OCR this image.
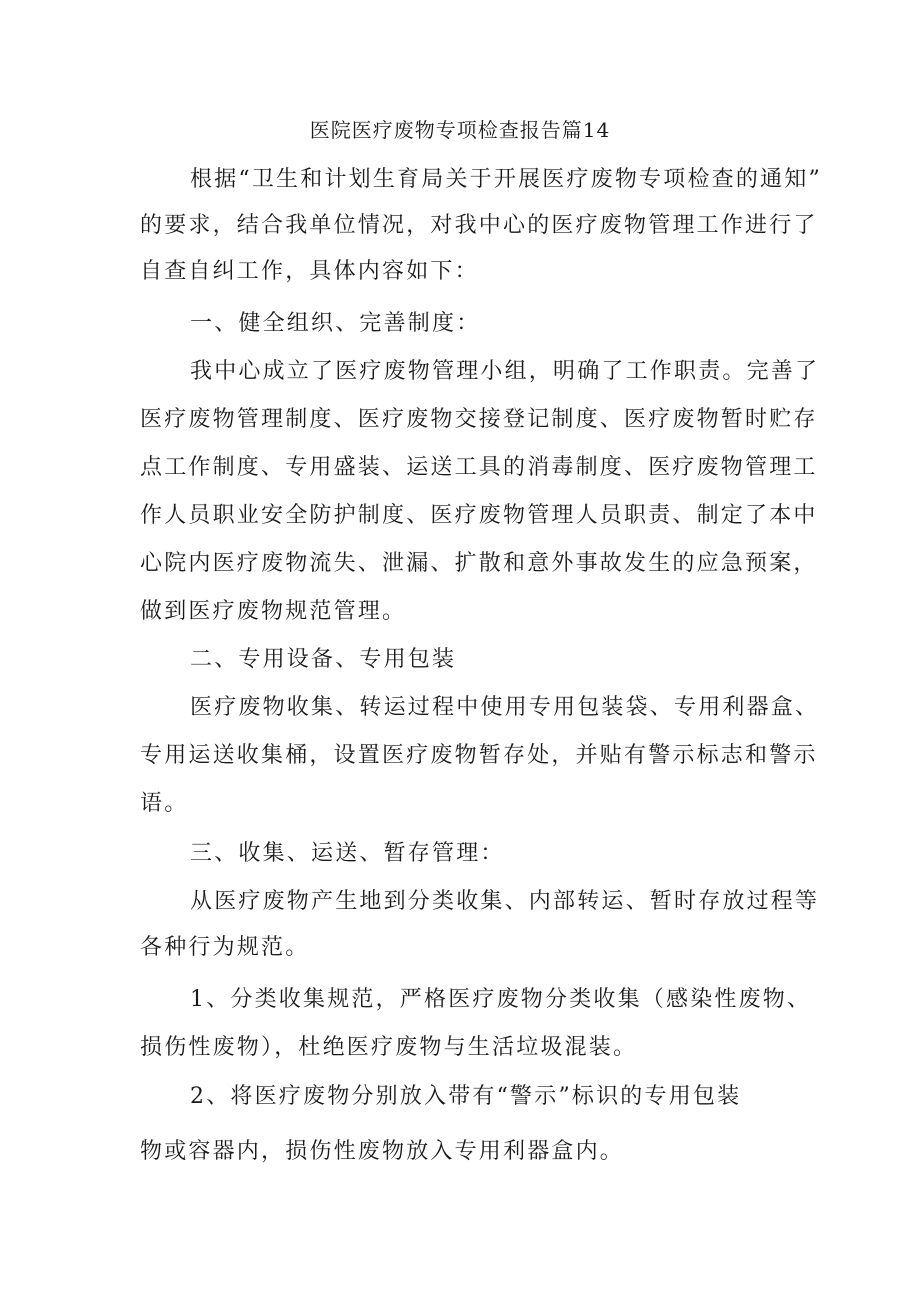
医院医疗废物专项检查报告篇14
根据“卫生和计划生育局关于开展医疗废物专项检查的通知”
的要求，结合我单位情况，对我中心的医疗废物管理工作进行了
自查自纠工作，具体内容如下：
一、健全组织、完善制度：
我中心成立了医疗废物管理小组，明确了工作职责。完善了
医疗废物管理制度、医疗废物交接登记制度、医疗废物暂时贮存
点工作制度、专用盛装、运送工具的消毒制度、医疗废物管理工
作人员职业安全防护制度、医疗废物管理人员职责、制定了本中
心院内医疗废物流失、泄漏、扩散和意外事故发生的应急预案，
做到医疗废物规范管理。
二、专用设备、专用包装
医疗废物收集、转运过程中使用专用包装袋、专用利器盒、
专用运送收集桶，设置医疗废物暂存处，并贴有警示标志和警示
语。
三、收集、运送、暂存管理：
从医疗废物产生地到分类收集、内部转运、暂时存放过程等
各种行为规范。
1、分类收集规范，严格医疗废物分类收集（感染性废物、
损伤性废物），杜绝医疗废物与生活垃圾混装。
2、将医疗废物分别放入带有“警示”标识的专用包装
物或容器内，损伤性废物放入专用利器盒内。
